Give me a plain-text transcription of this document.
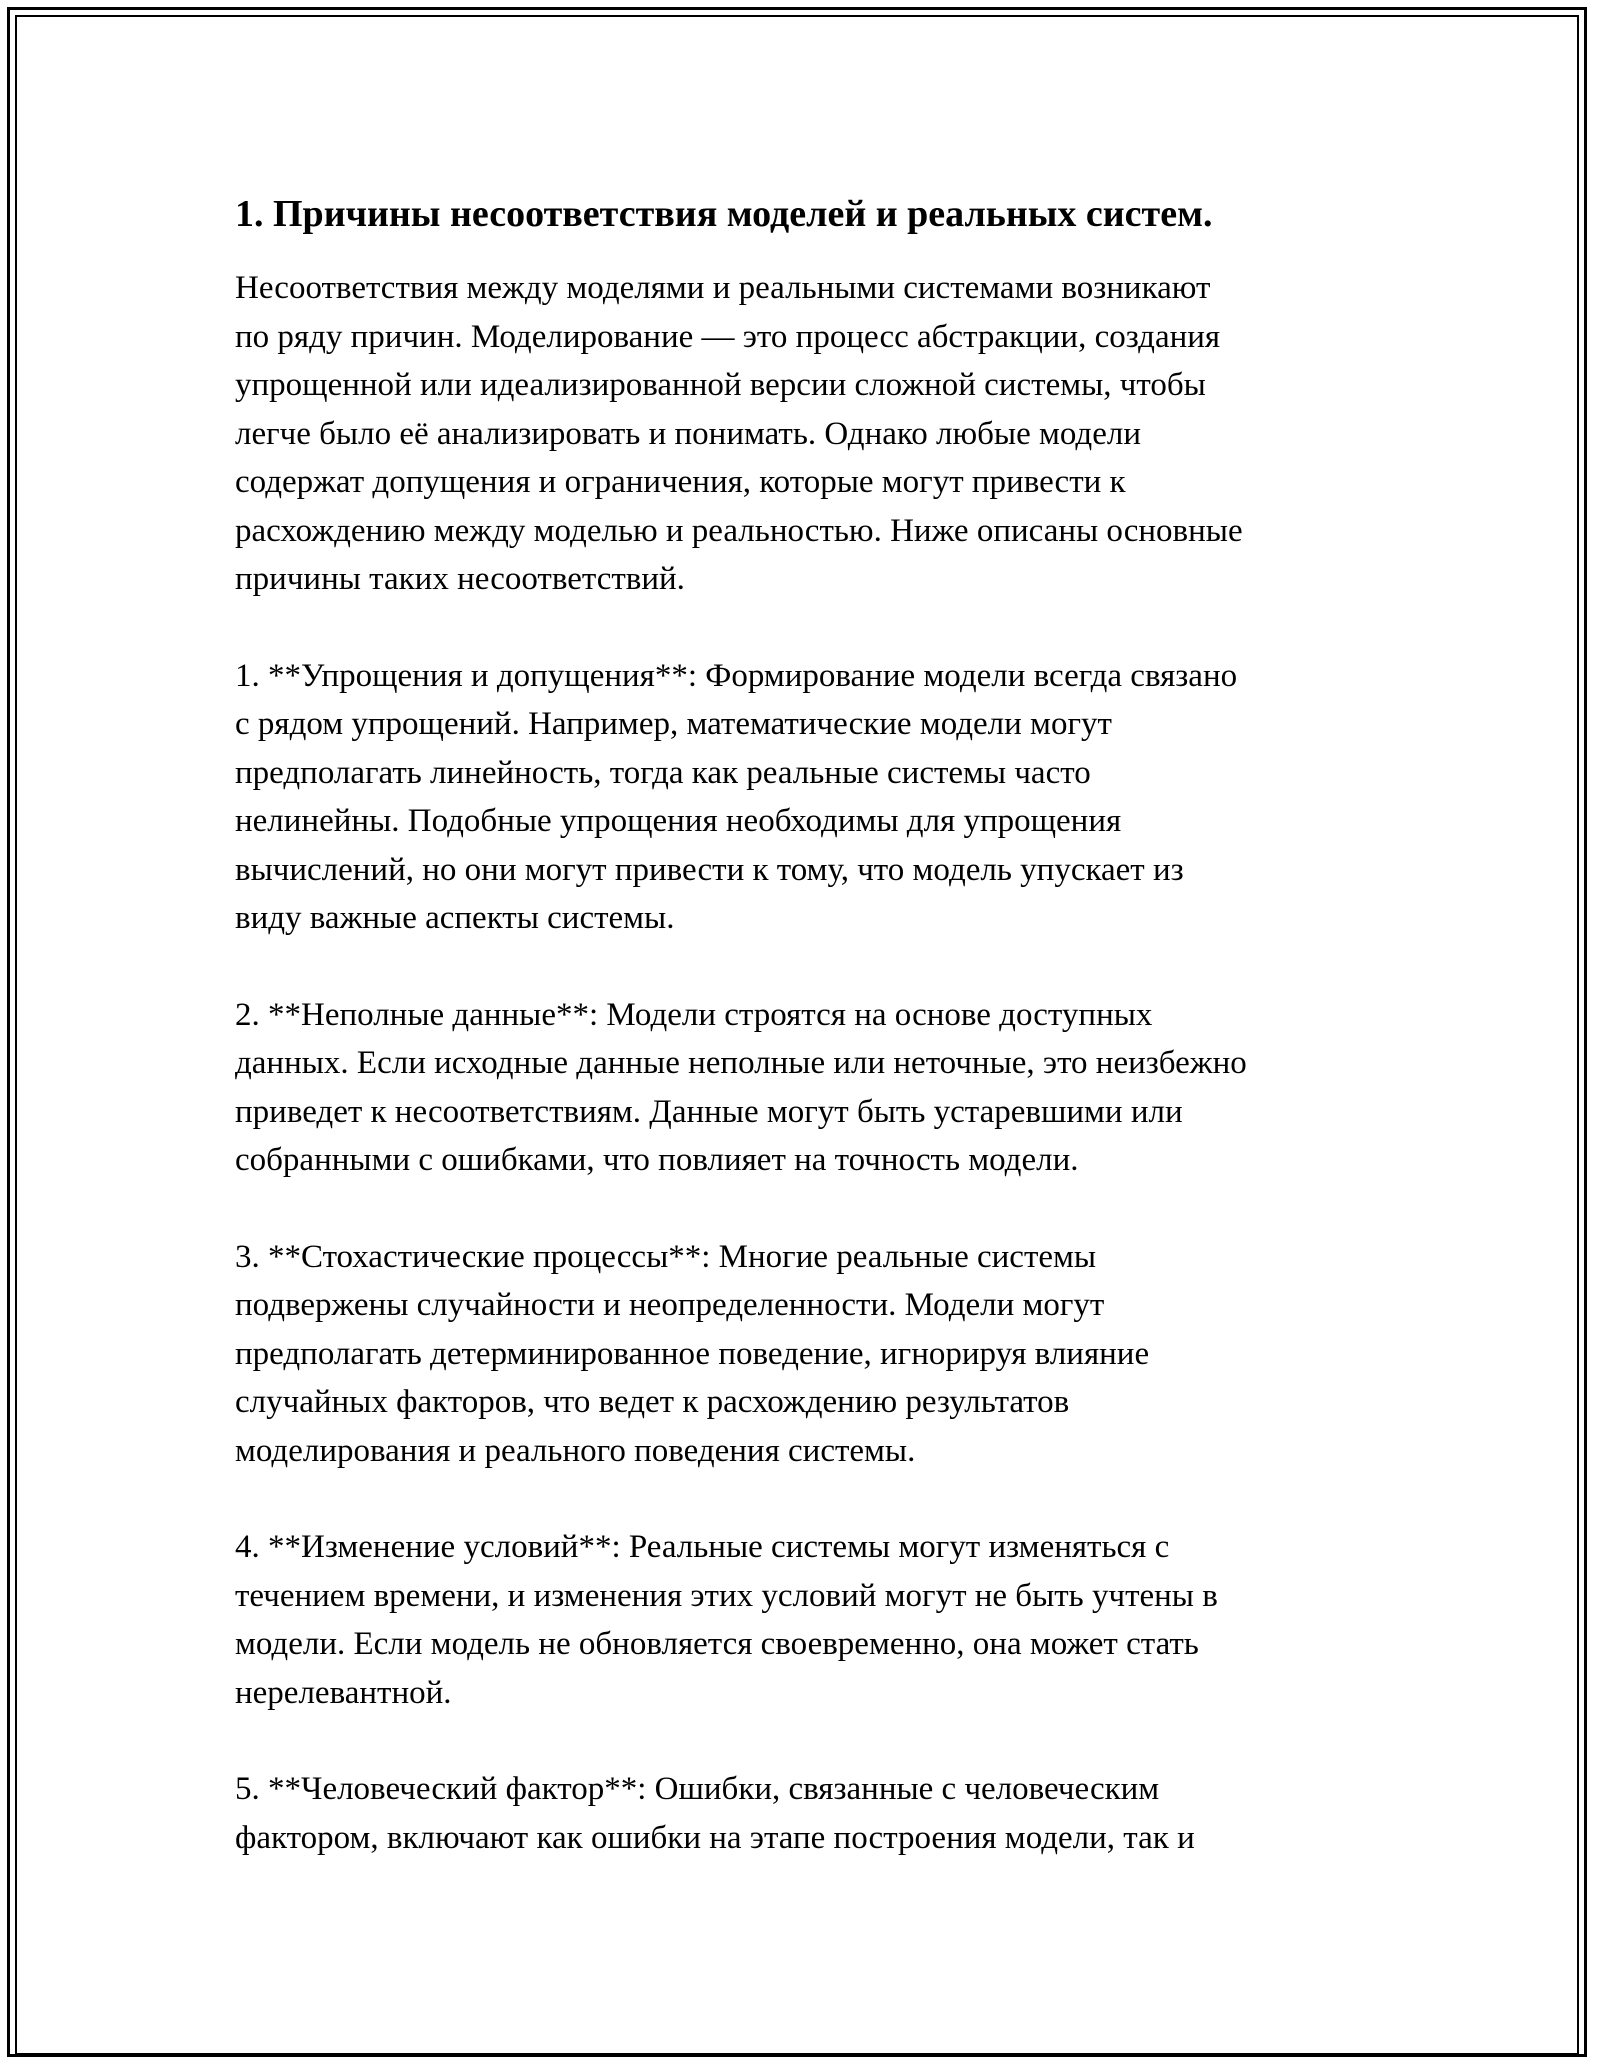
1. Причины несоответствия моделей и реальных систем.

Несоответствия между моделями и реальными системами возникают
по ряду причин. Моделирование — это процесс абстракции, создания
упрощенной или идеализированной версии сложной системы, чтобы
легче было её анализировать и понимать. Однако любые модели
содержат допущения и ограничения, которые могут привести к
расхождению между моделью и реальностью. Ниже описаны основные
причины таких несоответствий.

1. **Упрощения и допущения**: Формирование модели всегда связано
с рядом упрощений. Например, математические модели могут
предполагать линейность, тогда как реальные системы часто
нелинейны. Подобные упрощения необходимы для упрощения
вычислений, но они могут привести к тому, что модель упускает из
виду важные аспекты системы.

2. **Неполные данные**: Модели строятся на основе доступных
данных. Если исходные данные неполные или неточные, это неизбежно
приведет к несоответствиям. Данные могут быть устаревшими или
собранными с ошибками, что повлияет на точность модели.

3. **Стохастические процессы**: Многие реальные системы
подвержены случайности и неопределенности. Модели могут
предполагать детерминированное поведение, игнорируя влияние
случайных факторов, что ведет к расхождению результатов
моделирования и реального поведения системы.

4. **Изменение условий**: Реальные системы могут изменяться с
течением времени, и изменения этих условий могут не быть учтены в
модели. Если модель не обновляется своевременно, она может стать
нерелевантной.

5. **Человеческий фактор**: Ошибки, связанные с человеческим
фактором, включают как ошибки на этапе построения модели, так и
